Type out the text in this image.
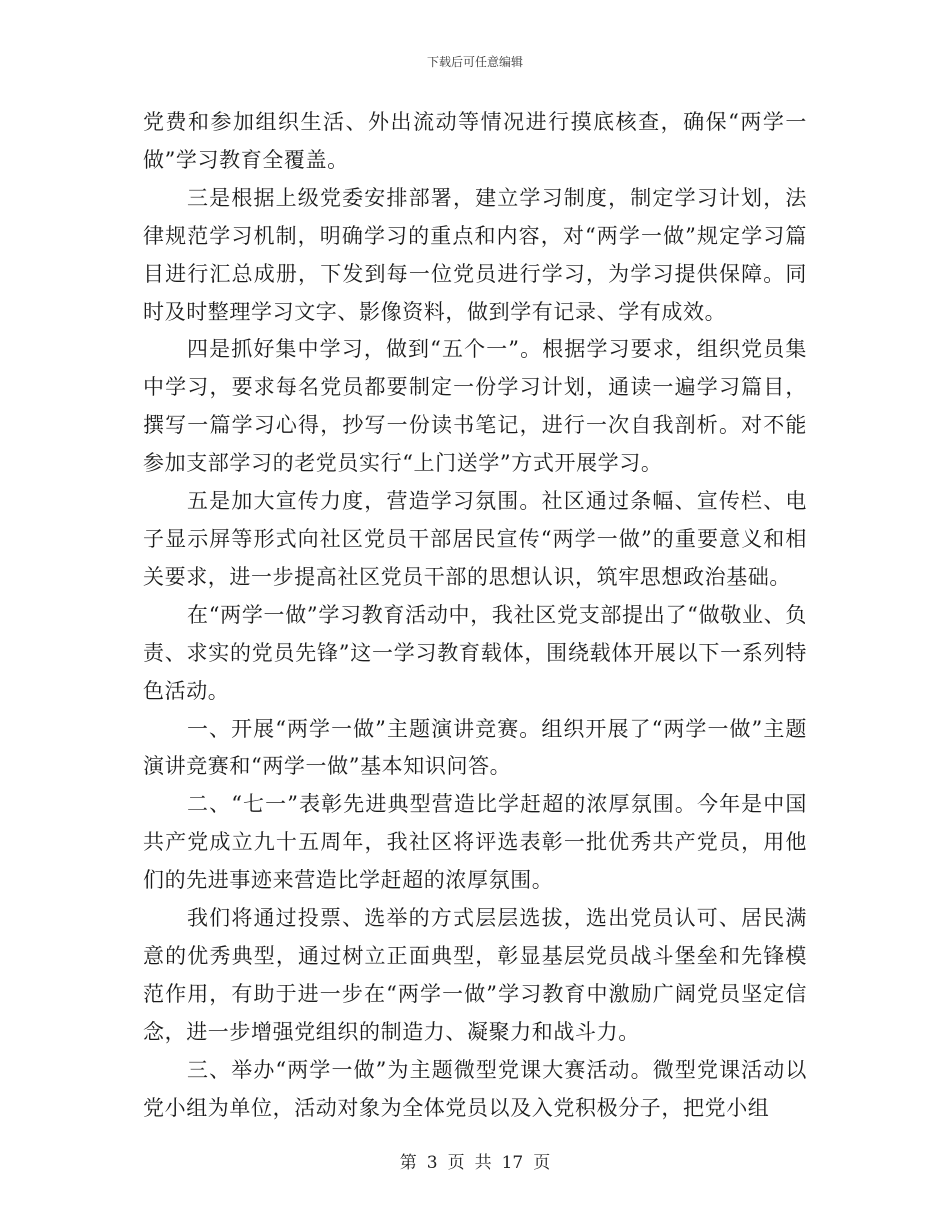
下载后可任意编辑

党费和参加组织生活、外出流动等情况进行摸底核查，确保“两学一做”学习教育全覆盖。

三是根据上级党委安排部署，建立学习制度，制定学习计划，法律规范学习机制，明确学习的重点和内容，对“两学一做”规定学习篇目进行汇总成册，下发到每一位党员进行学习，为学习提供保障。同时及时整理学习文字、影像资料，做到学有记录、学有成效。

四是抓好集中学习，做到“五个一”。根据学习要求，组织党员集中学习，要求每名党员都要制定一份学习计划，通读一遍学习篇目，撰写一篇学习心得，抄写一份读书笔记，进行一次自我剖析。对不能参加支部学习的老党员实行“上门送学”方式开展学习。

五是加大宣传力度，营造学习氛围。社区通过条幅、宣传栏、电子显示屏等形式向社区党员干部居民宣传“两学一做”的重要意义和相关要求，进一步提高社区党员干部的思想认识，筑牢思想政治基础。

在“两学一做”学习教育活动中，我社区党支部提出了“做敬业、负责、求实的党员先锋”这一学习教育载体，围绕载体开展以下一系列特色活动。

一、开展“两学一做”主题演讲竞赛。组织开展了“两学一做”主题演讲竞赛和“两学一做”基本知识问答。

二、“七一”表彰先进典型营造比学赶超的浓厚氛围。今年是中国共产党成立九十五周年，我社区将评选表彰一批优秀共产党员，用他们的先进事迹来营造比学赶超的浓厚氛围。

我们将通过投票、选举的方式层层选拔，选出党员认可、居民满意的优秀典型，通过树立正面典型，彰显基层党员战斗堡垒和先锋模范作用，有助于进一步在“两学一做”学习教育中激励广阔党员坚定信念，进一步增强党组织的制造力、凝聚力和战斗力。

三、举办“两学一做”为主题微型党课大赛活动。微型党课活动以党小组为单位，活动对象为全体党员以及入党积极分子，把党小组

第 3 页 共 17 页
